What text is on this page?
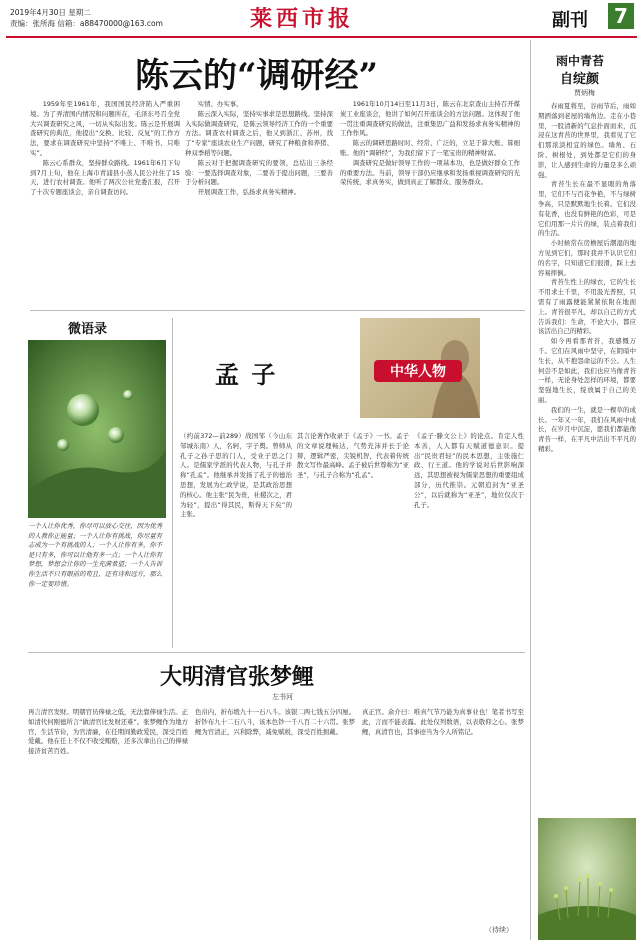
2019年4月30日 星期二
责编：张所海 信箱：a88470000@163.com	莱西市报	副刊	7
陈云的“调研经”

1959年至1961年，我国国民经济陷入严重困境。为了弄清国内情况和问题所在，毛泽东号召全党大兴调查研究之风，一切从实际出发。陈云是开展调查研究的典范，他提出“交换、比较、反复”的工作方法，要求在调查研究中坚持“不唯上、不唯书、只唯实”。

陈云心系群众，坚持群众路线。1961年6月下旬到7月上旬，他在上海市青浦县小蒸人民公社住了15天，进行农村调查。他听了两次公社党委汇报，召开了十次专题座谈会，亲自调查访问。

实情、办实事。

陈云深入实际，坚持实事求是思想路线。坚持深入实际做调查研究，是陈云领导经济工作的一个重要方法。调查农村调查之后，他又到浙江、苏州，找了“专家”座谈农业生产问题，研究了种粮食和养猪、种双季稻等问题。

陈云对于把握调查研究的要领，总结出三条经验：一要选择调查对象，二要善于提出问题，三要善于分析问题。

开展调查工作，弘扬求真务实精神。

1961年10月14日至11月3日，陈云在北京查山主持召开煤炭工业座谈会，他讲了如何召开座谈会的方法问题。这体现了他一贯注重调查研究的做法，注重集思广益和发扬求真务实精神的工作作风。

陈云的调研思路时时、经常、广泛的，立足于算大账、算细账。他的“调研经”，为我们留下了一笔宝贵的精神财富。

调查研究是做好领导工作的一项基本功，也是做好群众工作的重要方法。当前，领导干部仍应继承和发扬重视调查研究的光荣传统，求真务实，做到真正了解群众、服务群众。

雨中青苔
自绽颜
贾炳梅

春雨夏将至，谷雨节后，雨如期洒落到老屋的墙角边。走在小巷里，一股清新的气息扑面而来，沉浸在这青苔的世界里，我看见了它们那浓淡相宜的绿色。墙角、石阶、树根处，到处都是它们的身影，让人感到生命的力量是多么顽强。

青苔生长在最不显眼的角落里，它们不与百花争艳，不与绿树争高，只是默默地生长着。它们没有花香，也没有鲜艳的色彩，可是它们用那一片片的绿，装点着我们的生活。

小时候常在房檐屋后潮湿的地方见到它们，那时我并不认识它们的名字，只知道它们很滑，踩上去容易摔倒。

青苔生性上的绿衣，它的生长不用求土千里，不用汲光普照，只需有了雨露便能紧紧依附在地面上。青苔很平凡，却以自己的方式告诉我们：生命，不论大小，都应该活出自己的精彩。

如今再看那青苔，我感慨万千。它们在风雨中坚守，在阴暗中生长，从不抱怨命运的不公。人生何尝不是如此，我们也应当像青苔一样，无论身处怎样的环境，都要坚强地生长，绽放属于自己的美丽。

我们的一生，就是一棵草的成长。一年又一年，我们在风雨中成长，在岁月中沉淀，愿我们都能像青苔一样，在平凡中活出不平凡的精彩。

微语录
一个人让你优秀，你尽可以放心交往，因为优秀的人教你正能量；一个人让你有挑战，你尽量有志成为一个有挑战的人；一个人让你有多，你不是只有多，你可以让他有多一点；一个人让你有梦想，梦想会让你的一生充满希望；一个人告诉你生活不只有眼前的苟且，还有诗和远方，那么你一定要珍惜。
孟 子	中华人物
（约前372—前289）战国邹（今山东邹城东南）人，名轲，字子舆。曾师从孔子之孙子思的门人，受业子思之门人。是儒家学派的代表人物，与孔子并称“孔孟”。他继承并发扬了孔子的德治思想，发展为仁政学说，是其政治思想的核心。他主张“民为贵，社稷次之，君为轻”，提出“得其民，斯得天下矣”的主张。
其言论著作收录于《孟子》一书。孟子的文章说理畅达，气势充沛并长于论辩，逻辑严密，尖锐机智，代表着传统散文写作最高峰。孟子被后世尊称为“亚圣”，与孔子合称为“孔孟”。
《孟子·滕文公上》的论点。肯定人性本善，人人都有天赋道德意识。提出“民贵君轻”的民本思想，主张施仁政、行王道。他的学说对后世影响深远，其思想被视为儒家思想的重要组成部分，历代推崇。元朝追封为“亚圣公”，以后就称为“亚圣”，地位仅次于孔子。
大明清官张梦鲤
左书河
再言清官发财。明朝官员俸禄之低，无法靠俸禄生活。正如清代何刚德所言“做清官比发财还难”。张梦鲤作为地方官，生活节俭，为官清廉，在任期间勤政爱民，深受百姓爱戴。他在任上不仅不收受贿赂，还多次拿出自己的俸禄接济贫苦百姓。
色帛内，折布缎九十一石八斗。该银二两七钱五分四厘。折钞布九十二石八斗，该本色钞一千八百二十六贯。张梦鲤为官清正，兴利除弊，减免赋税，深受百姓拥戴。
真正官。余介曰：唯真气节乃能为真事业也！笔者书写至此，言而不能表露。此处仅列数语，以表敬仰之心。张梦鲤，真清官也，其事迹当为今人所铭记。
（待续）
